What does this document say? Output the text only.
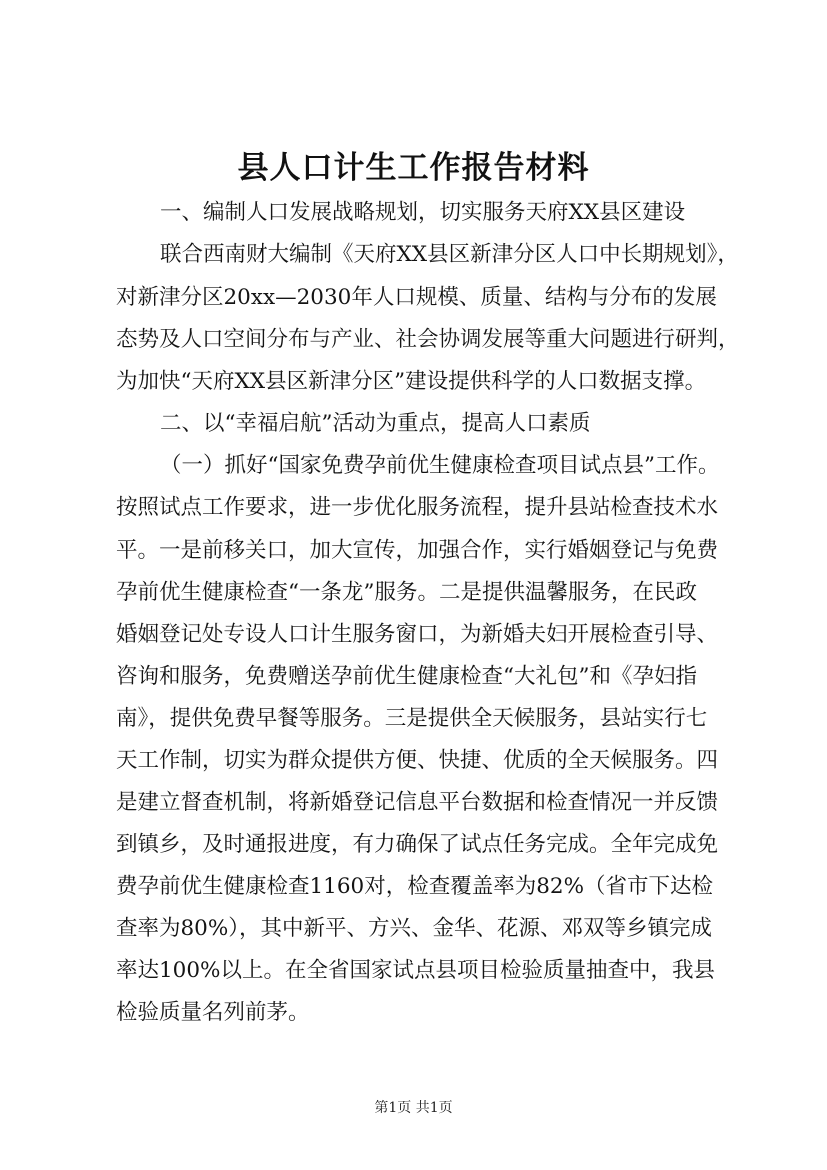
县人口计生工作报告材料
一、编制人口发展战略规划，切实服务天府XX县区建设
联合西南财大编制《天府XX县区新津分区人口中长期规划》，
对新津分区20xx—2030年人口规模、质量、结构与分布的发展
态势及人口空间分布与产业、社会协调发展等重大问题进行研判，
为加快“天府XX县区新津分区”建设提供科学的人口数据支撑。
二、以“幸福启航”活动为重点，提高人口素质
（一）抓好“国家免费孕前优生健康检查项目试点县”工作。
按照试点工作要求，进一步优化服务流程，提升县站检查技术水
平。一是前移关口，加大宣传，加强合作，实行婚姻登记与免费
孕前优生健康检查“一条龙”服务。二是提供温馨服务，在民政
婚姻登记处专设人口计生服务窗口，为新婚夫妇开展检查引导、
咨询和服务，免费赠送孕前优生健康检查“大礼包”和《孕妇指
南》，提供免费早餐等服务。三是提供全天候服务，县站实行七
天工作制，切实为群众提供方便、快捷、优质的全天候服务。四
是建立督查机制，将新婚登记信息平台数据和检查情况一并反馈
到镇乡，及时通报进度，有力确保了试点任务完成。全年完成免
费孕前优生健康检查1160对，检查覆盖率为82%（省市下达检
查率为80%），其中新平、方兴、金华、花源、邓双等乡镇完成
率达100%以上。在全省国家试点县项目检验质量抽查中，我县
检验质量名列前茅。
第1页 共1页
